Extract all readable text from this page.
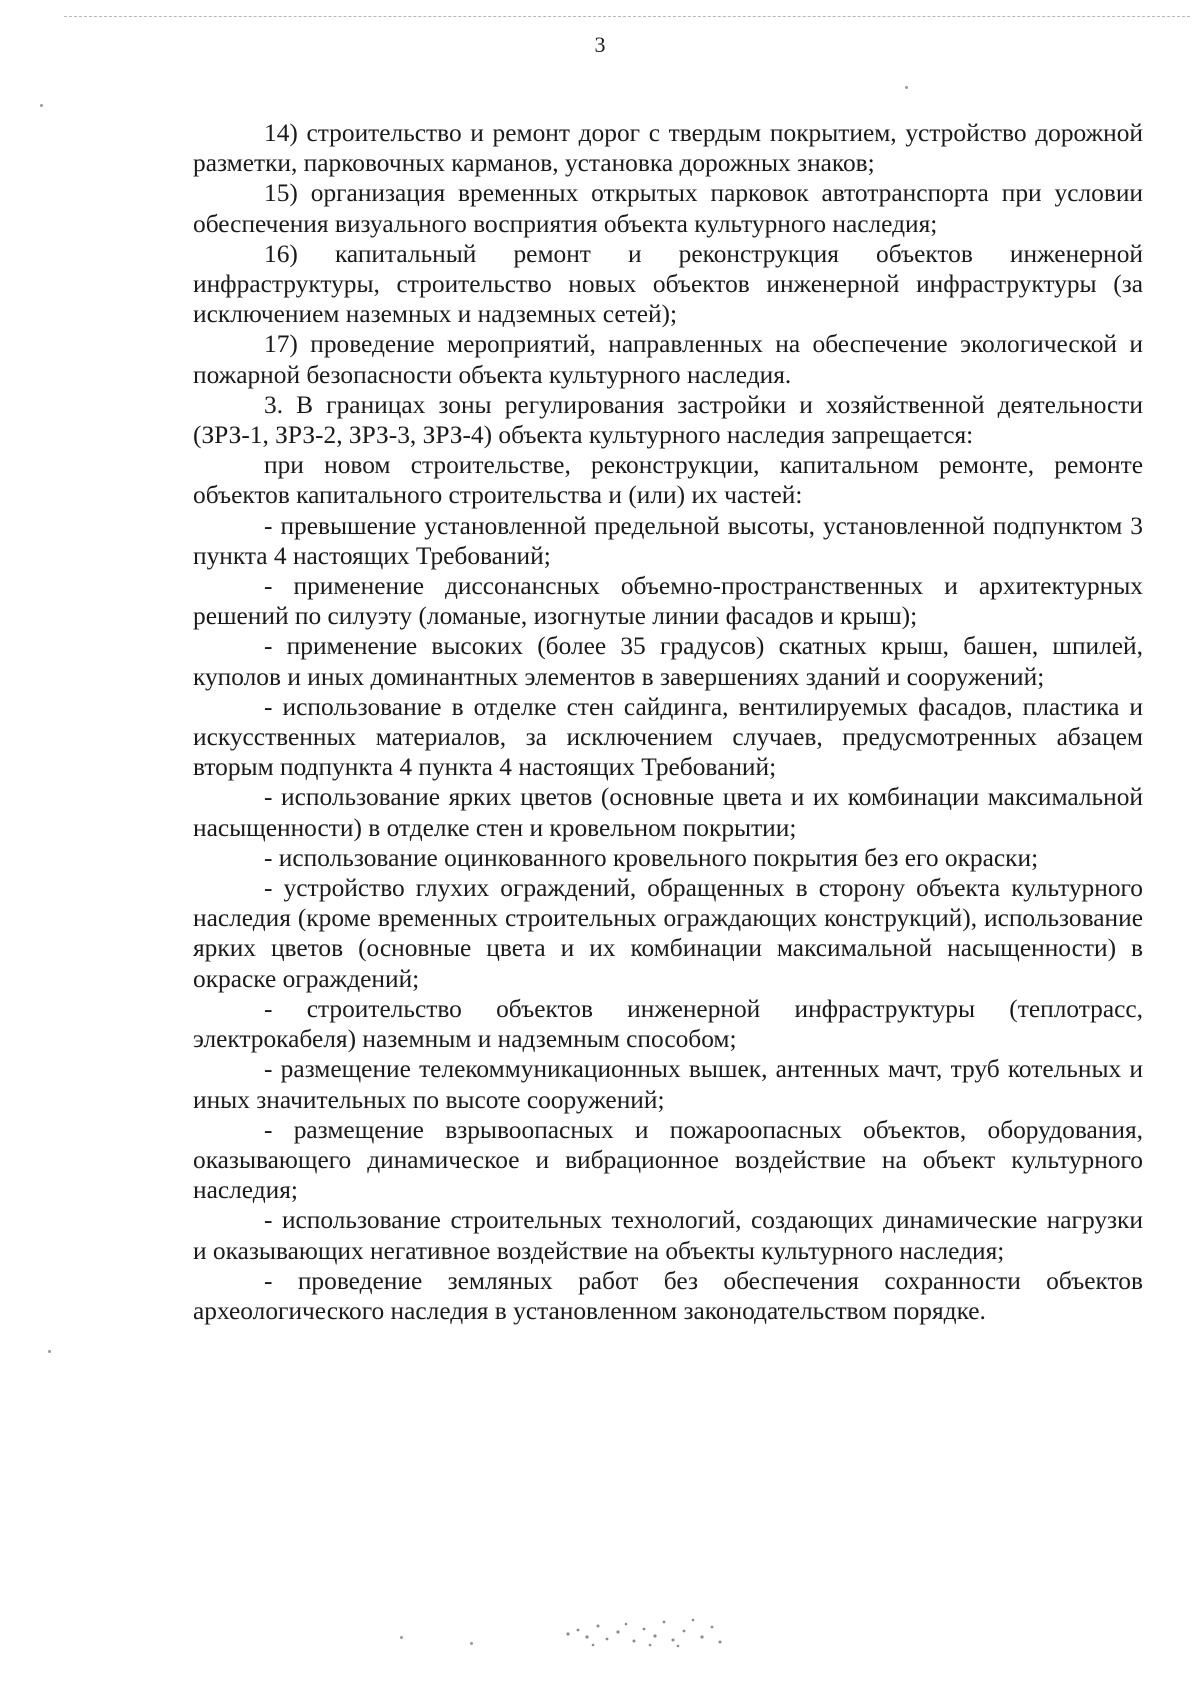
3

14) строительство и ремонт дорог с твердым покрытием, устройство дорожной разметки, парковочных карманов, установка дорожных знаков;

15) организация временных открытых парковок автотранспорта при условии обеспечения визуального восприятия объекта культурного наследия;

16) капитальный ремонт и реконструкция объектов инженерной инфраструктуры, строительство новых объектов инженерной инфраструктуры (за исключением наземных и надземных сетей);

17) проведение мероприятий, направленных на обеспечение экологической и пожарной безопасности объекта культурного наследия.

3. В границах зоны регулирования застройки и хозяйственной деятельности (ЗРЗ-1, ЗРЗ-2, ЗРЗ-3, ЗРЗ-4) объекта культурного наследия запрещается:

при новом строительстве, реконструкции, капитальном ремонте, ремонте объектов капитального строительства и (или) их частей:

- превышение установленной предельной высоты, установленной подпунктом 3 пункта 4 настоящих Требований;

- применение диссонансных объемно-пространственных и архитектурных решений по силуэту (ломаные, изогнутые линии фасадов и крыш);

- применение высоких (более 35 градусов) скатных крыш, башен, шпилей, куполов и иных доминантных элементов в завершениях зданий и сооружений;

- использование в отделке стен сайдинга, вентилируемых фасадов, пластика и искусственных материалов, за исключением случаев, предусмотренных абзацем вторым подпункта 4 пункта 4 настоящих Требований;

- использование ярких цветов (основные цвета и их комбинации максимальной насыщенности) в отделке стен и кровельном покрытии;

- использование оцинкованного кровельного покрытия без его окраски;

- устройство глухих ограждений, обращенных в сторону объекта культурного наследия (кроме временных строительных ограждающих конструкций), использование ярких цветов (основные цвета и их комбинации максимальной насыщенности) в окраске ограждений;

- строительство объектов инженерной инфраструктуры (теплотрасс, электрокабеля) наземным и надземным способом;

- размещение телекоммуникационных вышек, антенных мачт, труб котельных и иных значительных по высоте сооружений;

- размещение взрывоопасных и пожароопасных объектов, оборудования, оказывающего динамическое и вибрационное воздействие на объект культурного наследия;

- использование строительных технологий, создающих динамические нагрузки и оказывающих негативное воздействие на объекты культурного наследия;

- проведение земляных работ без обеспечения сохранности объектов археологического наследия в установленном законодательством порядке.
